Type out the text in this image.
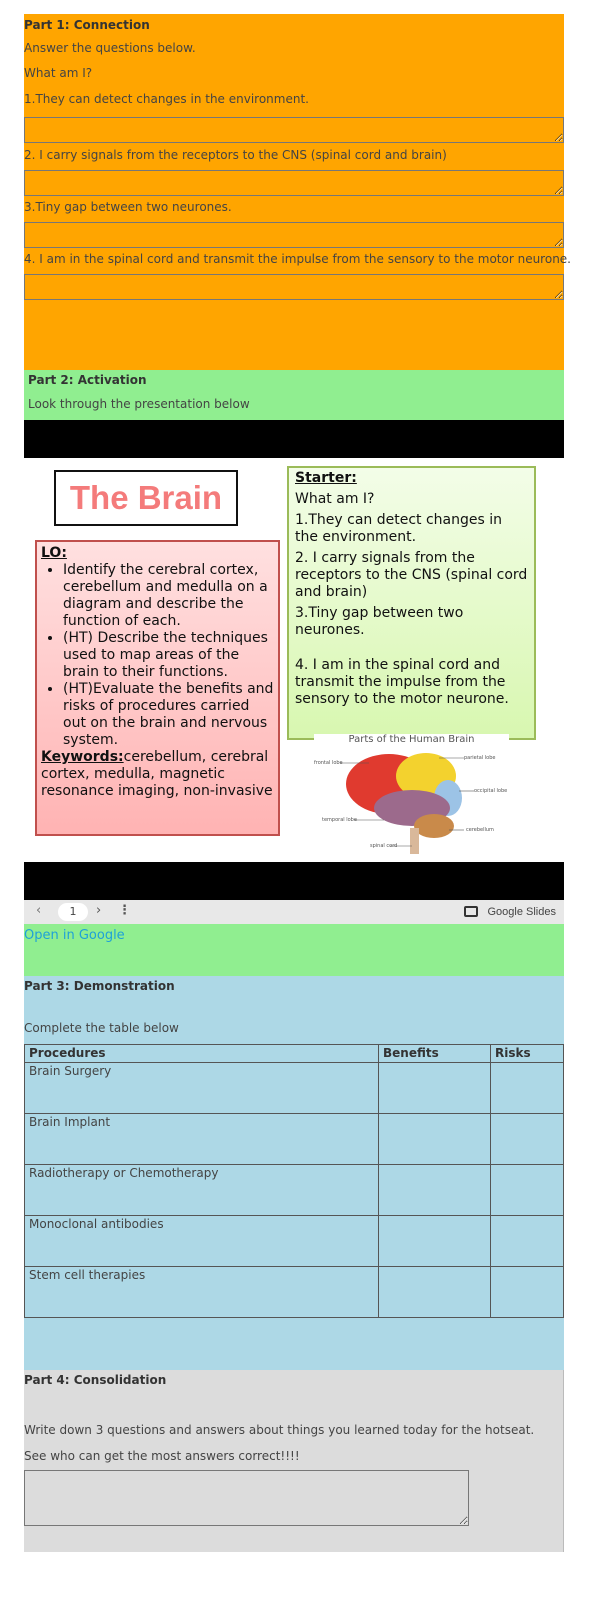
Part 1: Connection
Answer the questions below.
What am I?
1.They can detect changes in the environment.
2. I carry signals from the receptors to the CNS (spinal cord and brain)
3.Tiny gap between two neurones.
4. I am in the spinal cord and transmit the impulse from the sensory to the motor neurone.
Part 2: Activation
Look through the presentation below
The Brain
LO:
• Identify the cerebral cortex, cerebellum and medulla on a diagram and describe the function of each.
• (HT) Describe the techniques used to map areas of the brain to their functions.
• (HT)Evaluate the benefits and risks of procedures carried out on the brain and nervous system.
Keywords:cerebellum, cerebral cortex, medulla, magnetic resonance imaging, non-invasive
Starter:
What am I?
1.They can detect changes in the environment.
2. I carry signals from the receptors to the CNS (spinal cord and brain)
3.Tiny gap between two neurones.
4. I am in the spinal cord and transmit the impulse from the sensory to the motor neurone.
Parts of the Human Brain
frontal lobe
parietal lobe
occipital lobe
temporal lobe
cerebellum
spinal cord
‹	1	› ⋮	Google Slides
Open in Google
Part 3: Demonstration
Complete the table below
Procedures	Benefits	Risks
Brain Surgery		
Brain Implant		
Radiotherapy or Chemotherapy		
Monoclonal antibodies		
Stem cell therapies		
Part 4: Consolidation
Write down 3 questions and answers about things you learned today for the hotseat.
See who can get the most answers correct!!!!
